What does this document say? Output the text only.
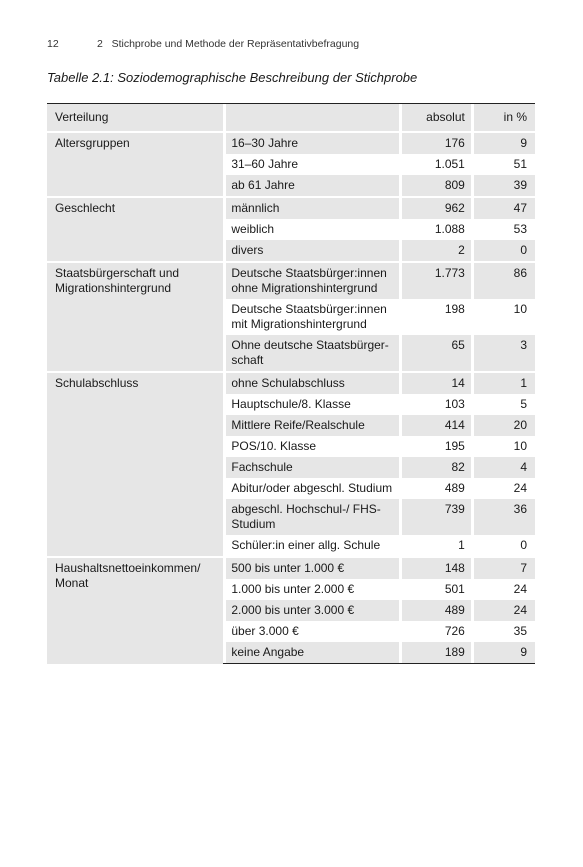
12	2   Stichprobe und Methode der Repräsentativbefragung
Tabelle 2.1: Soziodemographische Beschreibung der Stichprobe
Verteilung				absolut		in %

Altersgruppen		16–30 Jahre		176		9
		31–60 Jahre		1.051		51
		ab 61 Jahre		809		39

Geschlecht		männlich		962		47
		weiblich		1.088		53
		divers		2		0

Staatsbürgerschaft und Migrationshintergrund		Deutsche Staatsbürger:innen ohne Migrationshintergrund		1.773		86
		Deutsche Staatsbürger:innen mit Migrationshintergrund		198		10
		Ohne deutsche Staatsbürger-schaft		65		3

Schulabschluss		ohne Schulabschluss		14		1
		Hauptschule/8. Klasse		103		5
		Mittlere Reife/Realschule		414		20
		POS/10. Klasse		195		10
		Fachschule		82		4
		Abitur/oder abgeschl. Studium		489		24
		abgeschl. Hochschul-/ FHS-Studium		739		36
		Schüler:in einer allg. Schule		1		0

Haushaltsnettoeinkommen/ Monat		500 bis unter 1.000 €		148		7
		1.000 bis unter 2.000 €		501		24
		2.000 bis unter 3.000 €		489		24
		über 3.000 €		726		35
		keine Angabe		189		9
